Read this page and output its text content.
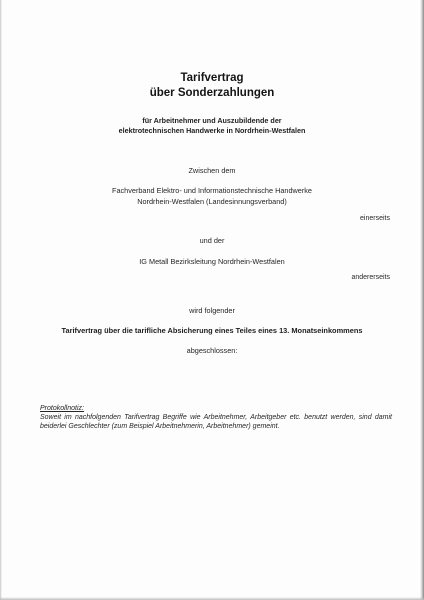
Tarifvertrag

über Sonderzahlungen

für Arbeitnehmer und Auszubildende der

elektrotechnischen Handwerke in Nordrhein-Westfalen

Zwischen dem

Fachverband Elektro- und Informationstechnische Handwerke

Nordrhein-Westfalen (Landesinnungsverband)

einerseits

und der

IG Metall Bezirksleitung Nordrhein-Westfalen

andererseits

wird folgender

Tarifvertrag über die tarifliche Absicherung eines Teiles eines 13. Monatseinkommens

abgeschlossen:

Protokollnotiz:

Soweit im nachfolgenden Tarifvertrag Begriffe wie Arbeitnehmer, Arbeitgeber etc. benutzt werden, sind damit beiderlei Geschlechter (zum Beispiel Arbeitnehmerin, Arbeitnehmer) gemeint.
